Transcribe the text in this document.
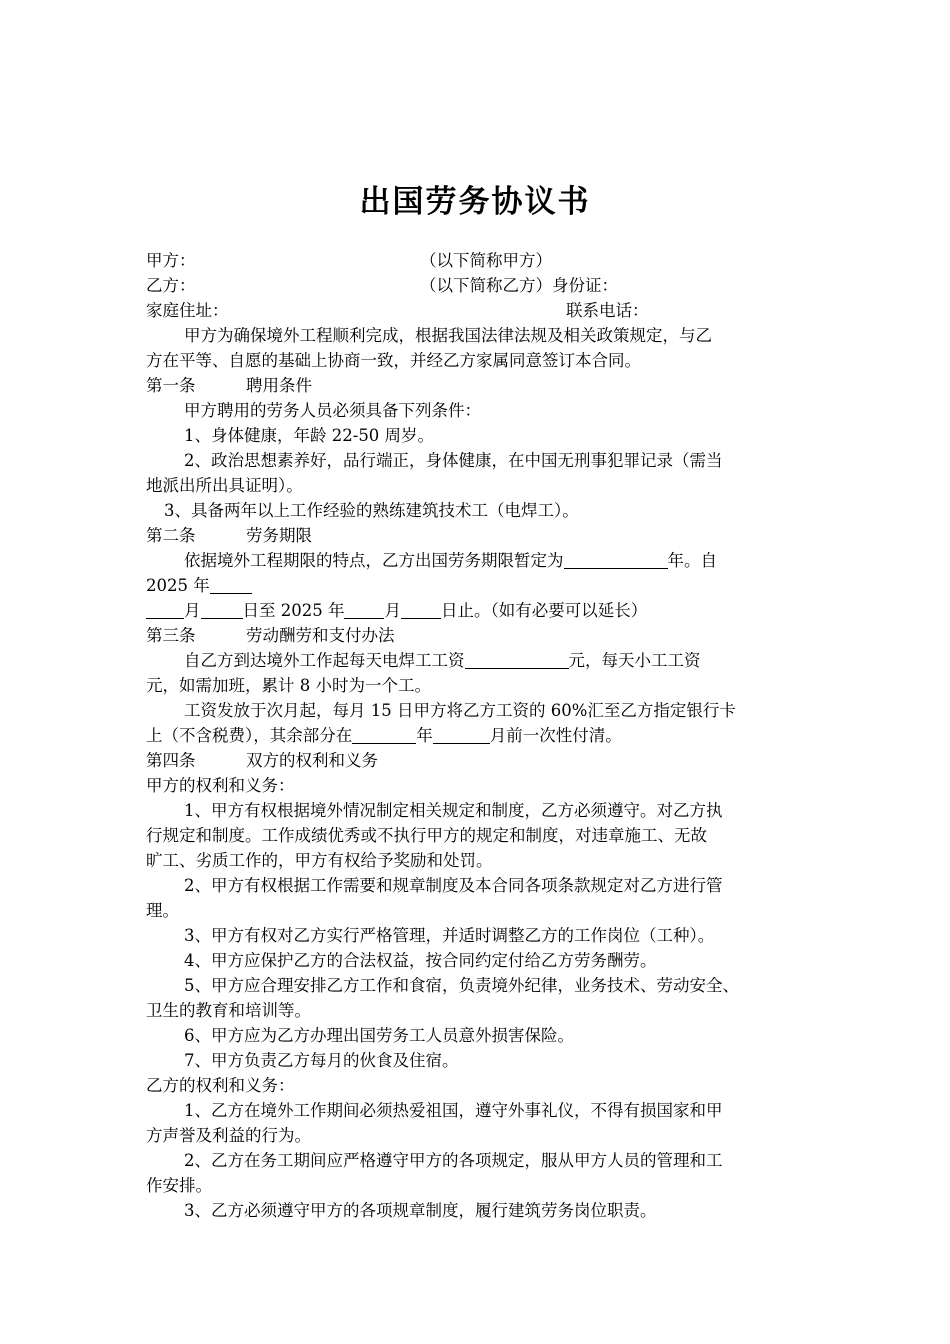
出国劳务协议书
甲方：	（以下简称甲方）
乙方：	（以下简称乙方）身份证：
家庭住址：	联系电话：
甲方为确保境外工程顺利完成，根据我国法律法规及相关政策规定，与乙
方在平等、自愿的基础上协商一致，并经乙方家属同意签订本合同。
第一条	聘用条件
甲方聘用的劳务人员必须具备下列条件：
1、身体健康，年龄 22-50 周岁。
2、政治思想素养好，品行端正，身体健康，在中国无刑事犯罪记录（需当
地派出所出具证明）。
3、具备两年以上工作经验的熟练建筑技术工（电焊工）。
第二条	劳务期限
依据境外工程期限的特点，乙方出国劳务期限暂定为	年。自
2025 年
月	日至 2025 年 月 日止。（如有必要可以延长）
第三条	劳动酬劳和支付办法
自乙方到达境外工作起每天电焊工工资	元，每天小工工资
元，如需加班，累计 8 小时为一个工。
工资发放于次月起，每月 15 日甲方将乙方工资的 60%汇至乙方指定银行卡
上（不含税费），其余部分在	年	月前一次性付清。
第四条	双方的权利和义务
甲方的权利和义务：
1、甲方有权根据境外情况制定相关规定和制度，乙方必须遵守。对乙方执
行规定和制度。工作成绩优秀或不执行甲方的规定和制度，对违章施工、无故
旷工、劣质工作的，甲方有权给予奖励和处罚。
2、甲方有权根据工作需要和规章制度及本合同各项条款规定对乙方进行管
理。
3、甲方有权对乙方实行严格管理，并适时调整乙方的工作岗位（工种）。
4、甲方应保护乙方的合法权益，按合同约定付给乙方劳务酬劳。
5、甲方应合理安排乙方工作和食宿，负责境外纪律，业务技术、劳动安全、
卫生的教育和培训等。
6、甲方应为乙方办理出国劳务工人员意外损害保险。
7、甲方负责乙方每月的伙食及住宿。
乙方的权利和义务：
1、乙方在境外工作期间必须热爱祖国，遵守外事礼仪，不得有损国家和甲
方声誉及利益的行为。
2、乙方在务工期间应严格遵守甲方的各项规定，服从甲方人员的管理和工
作安排。
3、乙方必须遵守甲方的各项规章制度，履行建筑劳务岗位职责。
